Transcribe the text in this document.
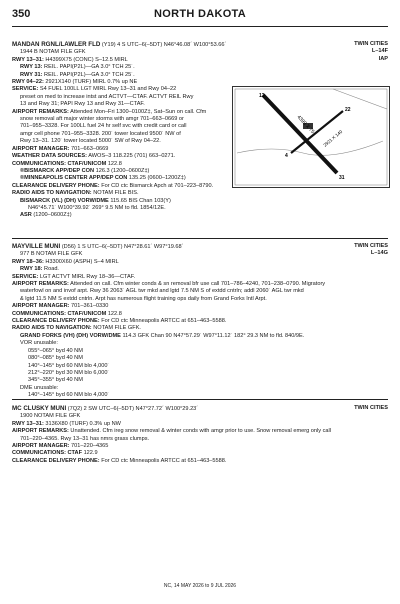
350	NORTH DAKOTA
MANDAN RGNL/LAWLER FLD (Y19) 4 S UTC–6(–5DT) N46°46.08´ W100°53.66´
1944 B NOTAM FILE GFK
RWY 13–31: H4399X75 (CONC) S–12.5 MIRL
RWY 13: REIL. PAPI(P2L)—GA 3.0° TCH 25´.
RWY 31: REIL. PAPI(P2L)—GA 3.0° TCH 25´.
RWY 04–22: 2921X140 (TURF) MIRL 0.7% up NE
SERVICE: S4 FUEL 100LL LGT MIRL Rwy 13–31 and Rwy 04–22
preset on med to increase intst and ACTVT—CTAF. ACTVT REIL Rwy
13 and Rwy 31; PAPI Rwy 13 and Rwy 31—CTAF.
AIRPORT REMARKS: Attended Mon–Fri 1300–0100Z‡, Sat–Sun on call. Cfm
snow removal aft major winter storms with amgr 701–663–0669 or
701–955–3328. For 100LL fuel 24 hr self svc with credit card or call
amgr cell phone 701–955–3328. 200´ tower located 9500´ NW of
Rwy 13–31. 120´ tower located 5000´ SW of Rwy 04–22.
AIRPORT MANAGER: 701–663–0669
WEATHER DATA SOURCES: AWOS–3 118.225 (701) 663–0271.
COMMUNICATIONS: CTAF/UNICOM 122.8
®BISMARCK APP/DEP CON 126.3 (1200–0600Z‡)
®MINNEAPOLIS CENTER APP/DEP CON 135.25 (0600–1200Z‡)
CLEARANCE DELIVERY PHONE: For CD ctc Bismarck Apch at 701–223–8790.
RADIO AIDS TO NAVIGATION: NOTAM FILE BIS.
BISMARCK (VL) (DH) VORW/DME 115.65 BIS Chan 103(Y)
N46°45.71´ W100°39.92´ 269° 9.5 NM to fld. 1854/12E.
ASR (1200–0600Z‡)
TWIN CITIES
L–14F
IAP
4399 X 75
2921 X 140
13
31
4
22
MAYVILLE MUNI (D56) 1 S UTC–6(–5DT) N47°28.61´ W97°19.68´
977 B NOTAM FILE GFK
RWY 18–36: H3300X60 (ASPH) S–4 MIRL
RWY 18: Road.
SERVICE: LGT ACTVT MIRL Rwy 18–36—CTAF.
AIRPORT REMARKS: Attended on call. Cfm winter conds & sn removal bfr use call 701–786–4240, 701–238–0790. Migratory
waterfowl on and invof arpt. Rwy 36 2063´ AGL twr mkd and lgtd 7.5 NM S of extdd cntrln; addl 2060´ AGL twr mkd
& lgtd 11.5 NM S extdd cntrln. Arpt has numerous flight training ops daily from Grand Forks Intl Arpt.
AIRPORT MANAGER: 701–361–0330
COMMUNICATIONS: CTAF/UNICOM 122.8
CLEARANCE DELIVERY PHONE: For CD ctc Minneapolis ARTCC at 651–463–5588.
RADIO AIDS TO NAVIGATION: NOTAM FILE GFK.
GRAND FORKS (VH) (DH) VORW/DME 114.3 GFK Chan 90 N47°57.29´ W97°11.12´ 182° 29.3 NM to fld. 840/9E.
VOR unusable:
055°–065° byd 40 NM
080°–085° byd 40 NM
140°–145° byd 60 NM blo 4,000´
212°–220° byd 30 NM blo 6,000´
345°–355° byd 40 NM
DME unusable:
140°–145° byd 60 NM blo 4,000´
TWIN CITIES
L–14G
MC CLUSKY MUNI (7Q2) 2 SW UTC–6(–5DT) N47°27.72´ W100°29.23´
1900 NOTAM FILE GFK
RWY 13–31: 3136X80 (TURF) 0.3% up NW
AIRPORT REMARKS: Unattended. Cfm ireg snow removal & winter conds with amgr prior to use. Snow removal emerg only call
701–220–4365. Rwy 13–31 has nmrs grass clumps.
AIRPORT MANAGER: 701–220–4365
COMMUNICATIONS: CTAF 122.9
CLEARANCE DELIVERY PHONE: For CD ctc Minneapolis ARTCC at 651–463–5588.
TWIN CITIES
NC, 14 MAY 2026 to 9 JUL 2026
